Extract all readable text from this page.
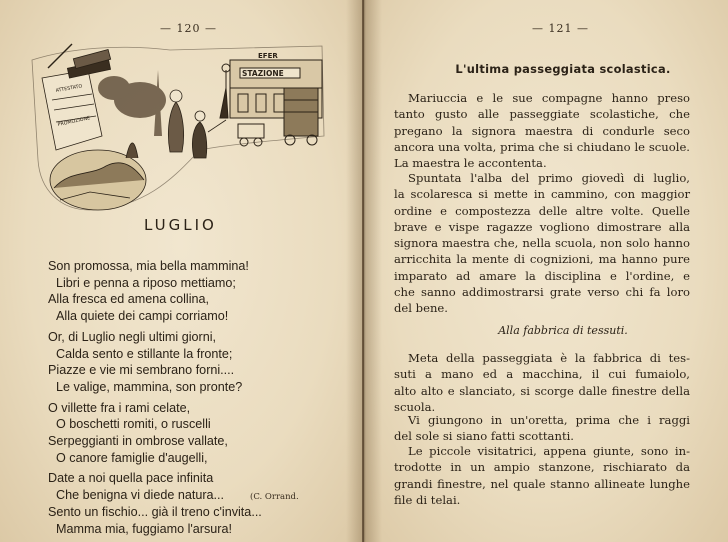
— 120 —
STAZIONE
EFER
ATTESTATO
PROMOZIONE
LUGLIO
Son promossa, mia bella mammina!
Libri e penna a riposo mettiamo;
Alla fresca ed amena collina,
Alla quiete dei campi corriamo!
Or, di Luglio negli ultimi giorni,
Calda sento e stillante la fronte;
Piazze e vie mi sembrano forni....
Le valige, mammina, son pronte?
O villette fra i rami celate,
O boschetti romiti, o ruscelli
Serpeggianti in ombrose vallate,
O canore famiglie d'augelli,
Date a noi quella pace infinita
Che benigna vi diede natura...
Sento un fischio... già il treno c'invita...
Mamma mia, fuggiamo l'arsura!
(C. Orrand.
— 121 —
L'ultima passeggiata scolastica.
Mariuccia e le sue compagne hanno preso
tanto gusto alle passeggiate scolastiche, che
pregano la signora maestra di condurle seco
ancora una volta, prima che si chiudano le scuole.
La maestra le accontenta.
Spuntata l'alba del primo giovedì di luglio,
la scolaresca si mette in cammino, con maggior
ordine e compostezza delle altre volte. Quelle
brave e vispe ragazze vogliono dimostrare alla
signora maestra che, nella scuola, non solo hanno
arricchita la mente di cognizioni, ma hanno pure
imparato ad amare la disciplina e l'ordine, e
che sanno addimostrarsi grate verso chi fa loro
del bene.
Alla fabbrica di tessuti.
Meta della passeggiata è la fabbrica di tes-
suti a mano ed a macchina, il cui fumaiolo,
alto alto e slanciato, si scorge dalle finestre della
scuola.
Vi giungono in un'oretta, prima che i raggi
del sole si siano fatti scottanti.
Le piccole visitatrici, appena giunte, sono in-
trodotte in un ampio stanzone, rischiarato da
grandi finestre, nel quale stanno allineate lunghe
file di telai.
